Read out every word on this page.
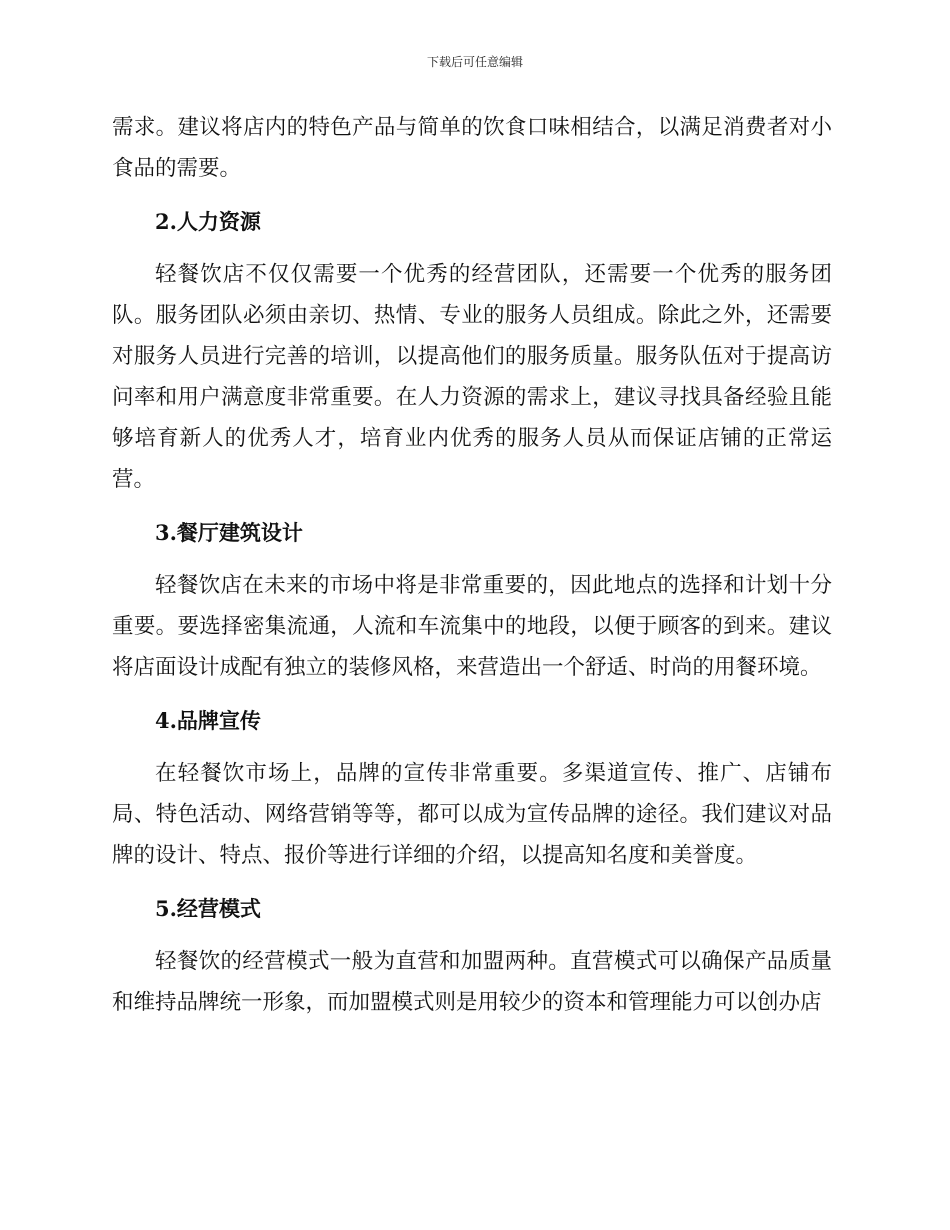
下载后可任意编辑

需求。建议将店内的特色产品与简单的饮食口味相结合，以满足消费者对小食品的需要。

2.人力资源

轻餐饮店不仅仅需要一个优秀的经营团队，还需要一个优秀的服务团队。服务团队必须由亲切、热情、专业的服务人员组成。除此之外，还需要对服务人员进行完善的培训，以提高他们的服务质量。服务队伍对于提高访问率和用户满意度非常重要。在人力资源的需求上，建议寻找具备经验且能够培育新人的优秀人才，培育业内优秀的服务人员从而保证店铺的正常运营。

3.餐厅建筑设计

轻餐饮店在未来的市场中将是非常重要的，因此地点的选择和计划十分重要。要选择密集流通，人流和车流集中的地段，以便于顾客的到来。建议将店面设计成配有独立的装修风格，来营造出一个舒适、时尚的用餐环境。

4.品牌宣传

在轻餐饮市场上，品牌的宣传非常重要。多渠道宣传、推广、店铺布局、特色活动、网络营销等等，都可以成为宣传品牌的途径。我们建议对品牌的设计、特点、报价等进行详细的介绍，以提高知名度和美誉度。

5.经营模式

轻餐饮的经营模式一般为直营和加盟两种。直营模式可以确保产品质量和维持品牌统一形象，而加盟模式则是用较少的资本和管理能力可以创办店
